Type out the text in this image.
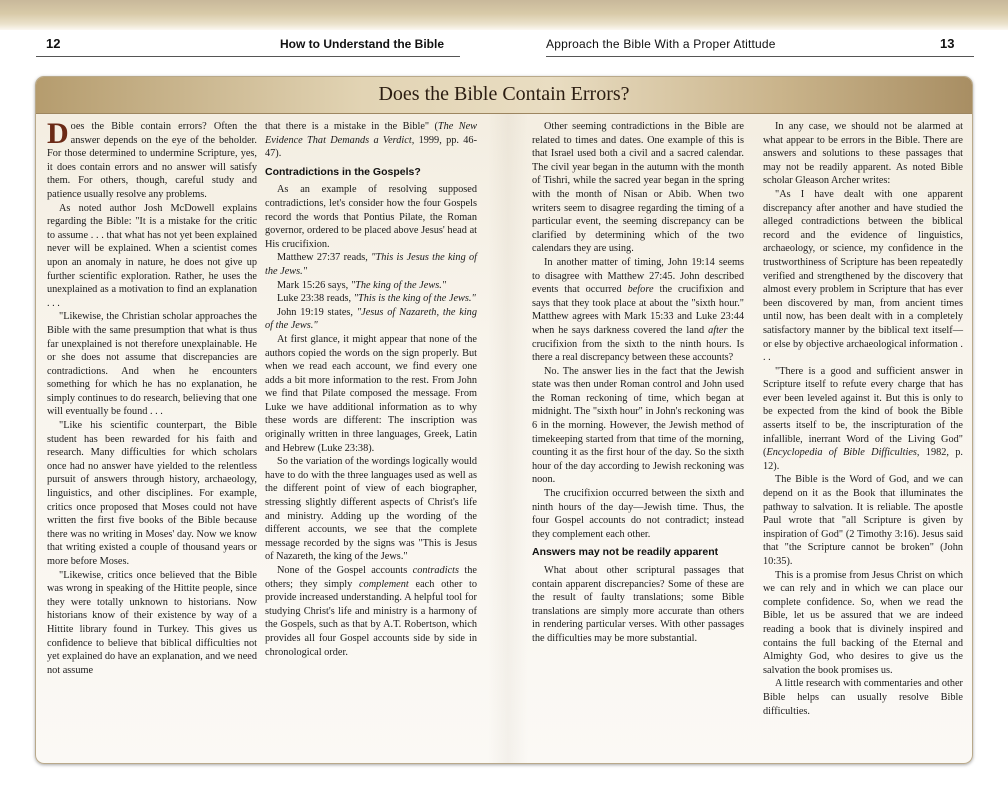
12	How to Understand the Bible	Approach the Bible With a Proper Atittude	13
Does the Bible Contain Errors?

Does the Bible contain errors? Often the answer depends on the eye of the beholder. For those determined to undermine Scripture, yes, it does contain errors and no answer will satisfy them. For others, though, careful study and patience usually resolve any problems.

As noted author Josh McDowell explains regarding the Bible: "It is a mistake for the critic to assume . . . that what has not yet been explained never will be explained. When a scientist comes upon an anomaly in nature, he does not give up further scientific exploration. Rather, he uses the unexplained as a motivation to find an explanation . . .

"Likewise, the Christian scholar approaches the Bible with the same presumption that what is thus far unexplained is not therefore unexplainable. He or she does not assume that discrepancies are contradictions. And when he encounters something for which he has no explanation, he simply continues to do research, believing that one will eventually be found . . .

"Like his scientific counterpart, the Bible student has been rewarded for his faith and research. Many difficulties for which scholars once had no answer have yielded to the relentless pursuit of answers through history, archaeology, linguistics, and other disciplines. For example, critics once proposed that Moses could not have written the first five books of the Bible because there was no writing in Moses' day. Now we know that writing existed a couple of thousand years or more before Moses.

"Likewise, critics once believed that the Bible was wrong in speaking of the Hittite people, since they were totally unknown to historians. Now historians know of their existence by way of a Hittite library found in Turkey. This gives us confidence to believe that biblical difficulties not yet explained do have an explanation, and we need not assume

that there is a mistake in the Bible" (The New Evidence That Demands a Verdict, 1999, pp. 46-47).

Contradictions in the Gospels?

As an example of resolving supposed contradictions, let's consider how the four Gospels record the words that Pontius Pilate, the Roman governor, ordered to be placed above Jesus' head at His crucifixion.

Matthew 27:37 reads, "This is Jesus the king of the Jews."

Mark 15:26 says, "The king of the Jews."

Luke 23:38 reads, "This is the king of the Jews."

John 19:19 states, "Jesus of Nazareth, the king of the Jews."

At first glance, it might appear that none of the authors copied the words on the sign properly. But when we read each account, we find every one adds a bit more information to the rest. From John we find that Pilate composed the message. From Luke we have additional information as to why these words are different: The inscription was originally written in three languages, Greek, Latin and Hebrew (Luke 23:38).

So the variation of the wordings logically would have to do with the three languages used as well as the different point of view of each biographer, stressing slightly different aspects of Christ's life and ministry. Adding up the wording of the different accounts, we see that the complete message recorded by the signs was "This is Jesus of Nazareth, the king of the Jews."

None of the Gospel accounts contradicts the others; they simply complement each other to provide increased understanding. A helpful tool for studying Christ's life and ministry is a harmony of the Gospels, such as that by A.T. Robertson, which provides all four Gospel accounts side by side in chronological order.

Other seeming contradictions in the Bible are related to times and dates. One example of this is that Israel used both a civil and a sacred calendar. The civil year began in the autumn with the month of Tishri, while the sacred year began in the spring with the month of Nisan or Abib. When two writers seem to disagree regarding the timing of a particular event, the seeming discrepancy can be clarified by determining which of the two calendars they are using.

In another matter of timing, John 19:14 seems to disagree with Matthew 27:45. John described events that occurred before the crucifixion and says that they took place at about the "sixth hour." Matthew agrees with Mark 15:33 and Luke 23:44 when he says darkness covered the land after the crucifixion from the sixth to the ninth hours. Is there a real discrepancy between these accounts?

No. The answer lies in the fact that the Jewish state was then under Roman control and John used the Roman reckoning of time, which began at midnight. The "sixth hour" in John's reckoning was 6 in the morning. However, the Jewish method of timekeeping started from that time of the morning, counting it as the first hour of the day. So the sixth hour of the day according to Jewish reckoning was noon.

The crucifixion occurred between the sixth and ninth hours of the day—Jewish time. Thus, the four Gospel accounts do not contradict; instead they complement each other.

Answers may not be readily apparent

What about other scriptural passages that contain apparent discrepancies? Some of these are the result of faulty translations; some Bible translations are simply more accurate than others in rendering particular verses. With other passages the difficulties may be more substantial.

In any case, we should not be alarmed at what appear to be errors in the Bible. There are answers and solutions to these passages that may not be readily apparent. As noted Bible scholar Gleason Archer writes:

"As I have dealt with one apparent discrepancy after another and have studied the alleged contradictions between the biblical record and the evidence of linguistics, archaeology, or science, my confidence in the trustworthiness of Scripture has been repeatedly verified and strengthened by the discovery that almost every problem in Scripture that has ever been discovered by man, from ancient times until now, has been dealt with in a completely satisfactory manner by the biblical text itself—or else by objective archaeological information . . .

"There is a good and sufficient answer in Scripture itself to refute every charge that has ever been leveled against it. But this is only to be expected from the kind of book the Bible asserts itself to be, the inscripturation of the infallible, inerrant Word of the Living God" (Encyclopedia of Bible Difficulties, 1982, p. 12).

The Bible is the Word of God, and we can depend on it as the Book that illuminates the pathway to salvation. It is reliable. The apostle Paul wrote that "all Scripture is given by inspiration of God" (2 Timothy 3:16). Jesus said that "the Scripture cannot be broken" (John 10:35).

This is a promise from Jesus Christ on which we can rely and in which we can place our complete confidence. So, when we read the Bible, let us be assured that we are indeed reading a book that is divinely inspired and contains the full backing of the Eternal and Almighty God, who desires to give us the salvation the book promises us.

A little research with commentaries and other Bible helps can usually resolve Bible difficulties.
